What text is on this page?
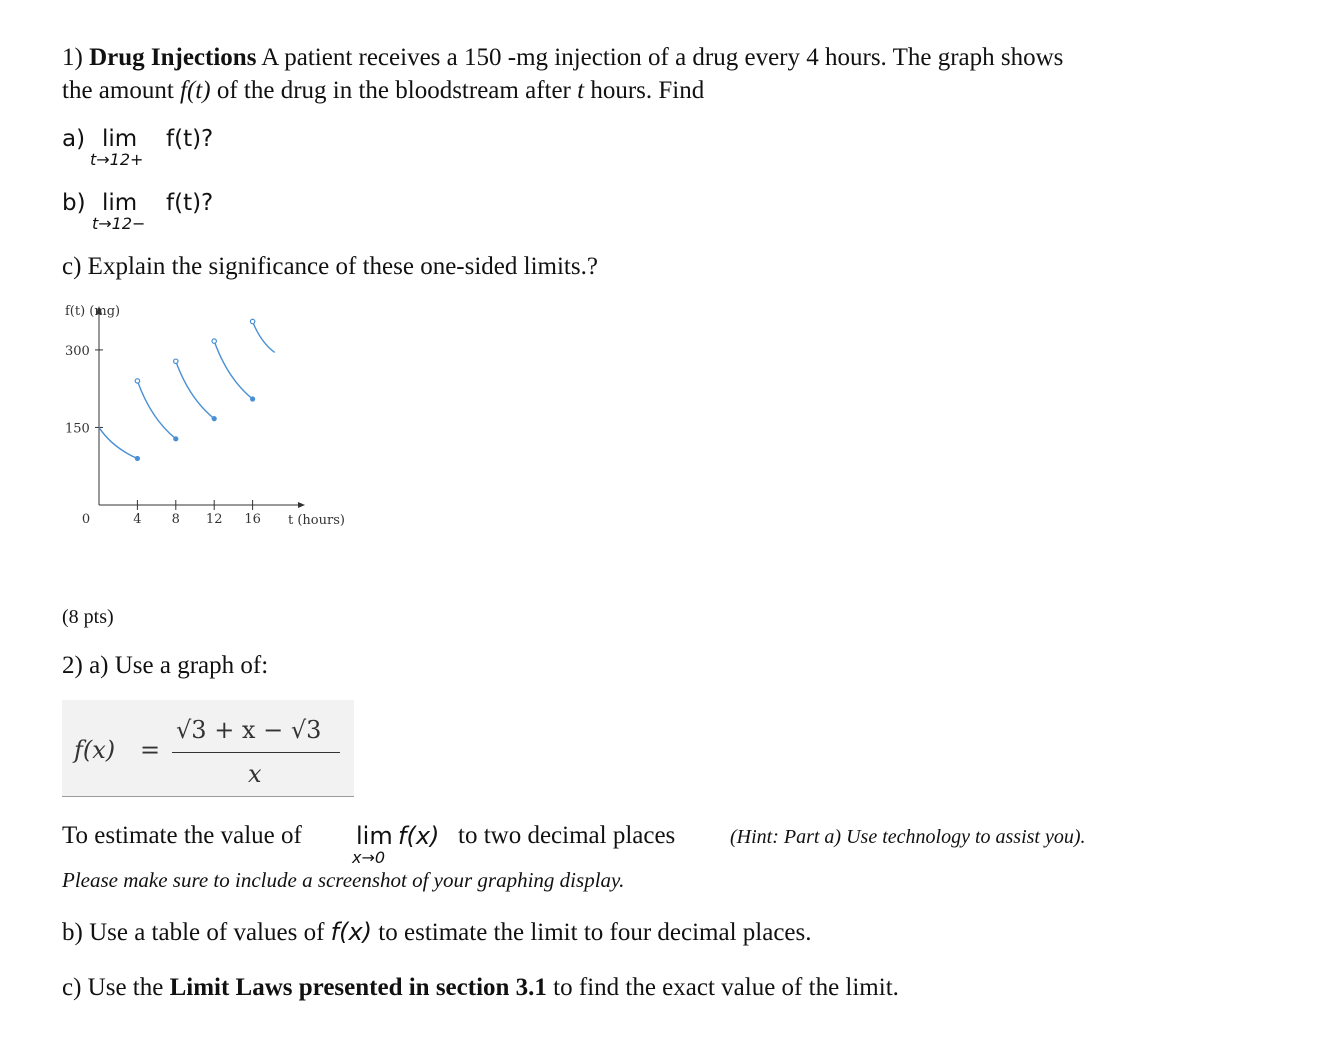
1) Drug Injections A patient receives a 150 -mg injection of a drug every 4 hours. The graph shows
the amount f(t) of the drug in the bloodstream after t hours. Find
a) lim
t→12+
f(t)?
b) lim
t→12−
f(t)?
c) Explain the significance of these one-sided limits.?
f(t) (mg)
t (hours)
300
150
0	4 8 12 16
(8 pts)
2) a) Use a graph of:
f(x) =
√3 + x − √3
x
To estimate the value of lim
x→0
f(x) to two decimal places	(Hint: Part a) Use technology to assist you).
Please make sure to include a screenshot of your graphing display.
b) Use a table of values of f(x) to estimate the limit to four decimal places.
c) Use the Limit Laws presented in section 3.1 to find the exact value of the limit.
